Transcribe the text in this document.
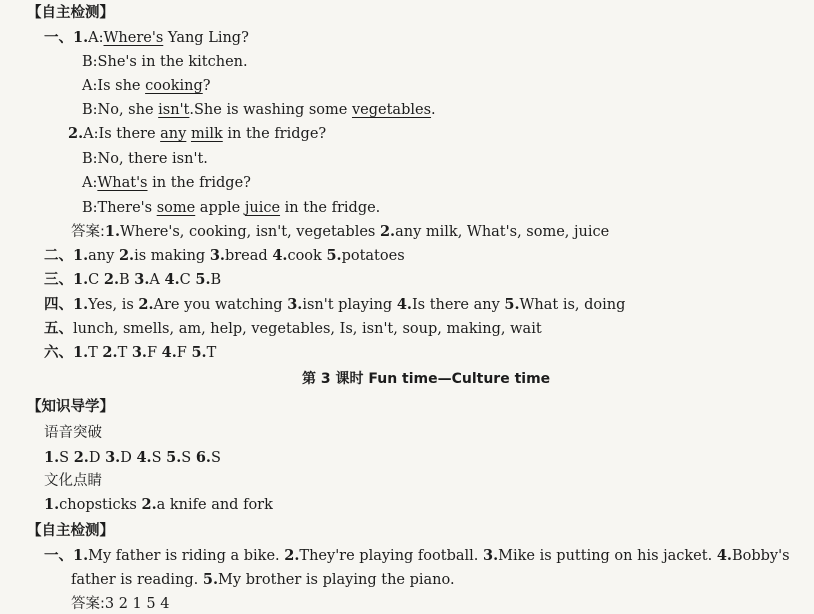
【自主检测】
一、1.A:Where's Yang Ling?
B:She's in the kitchen.
A:Is she cooking?
B:No, she isn't.She is washing some vegetables.
2.A:Is there any milk in the fridge?
B:No, there isn't.
A:What's in the fridge?
B:There's some apple juice in the fridge.
答案:1.Where's, cooking, isn't, vegetables 2.any milk, What's, some, juice
二、1.any 2.is making 3.bread 4.cook 5.potatoes
三、1.C 2.B 3.A 4.C 5.B
四、1.Yes, is 2.Are you watching 3.isn't playing 4.Is there any 5.What is, doing
五、lunch, smells, am, help, vegetables, Is, isn't, soup, making, wait
六、1.T 2.T 3.F 4.F 5.T
第 3 课时 Fun time—Culture time
【知识导学】
语音突破
1.S 2.D 3.D 4.S 5.S 6.S
文化点睛
1.chopsticks 2.a knife and fork
【自主检测】
一、1.My father is riding a bike. 2.They're playing football. 3.Mike is putting on his jacket. 4.Bobby's
father is reading. 5.My brother is playing the piano.
答案:3 2 1 5 4
